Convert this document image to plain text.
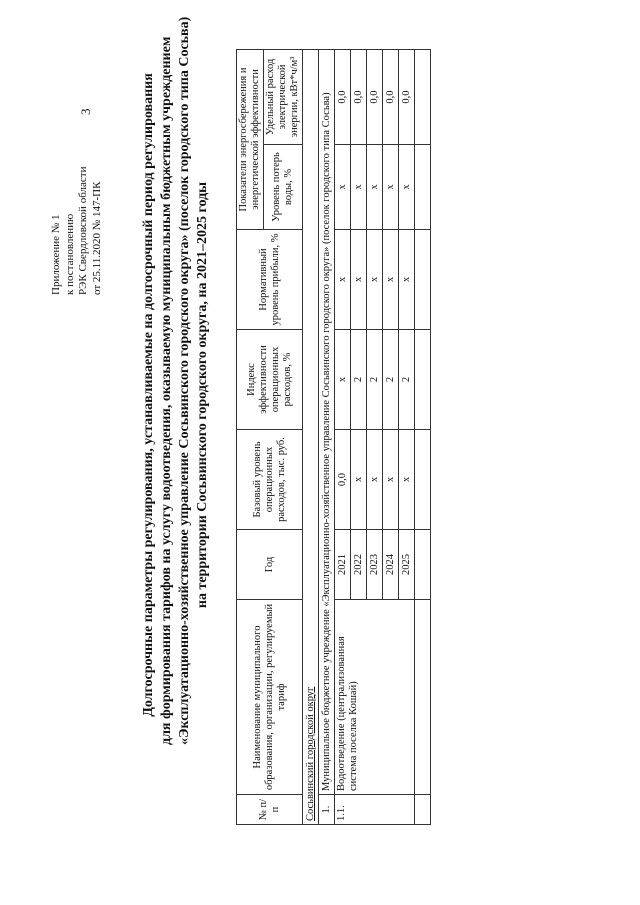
3
Приложение № 1 к постановлению РЭК Свердловской области от 25.11.2020 № 147-ПК	Долгосрочные параметры регулирования, устанавливаемые на долгосрочный период регулирования для формирования тарифов на услугу водоотведения, оказываемую муниципальным бюджетным учреждением «Эксплуатационно-хозяйственное управление Сосьвинского городского округа» (поселок городского типа Сосьва) на территории Сосьвинского городского округа, на 2021–2025 годы
№ п/п	Наименование муниципального образования, организации, регулируемый тариф	Год	Базовый уровень операционных расходов, тыс. руб.	Индекс эффективности операционных расходов, %	Нормативный уровень прибыли, %	Показатели энергосбережения и энергетической эффективности	
						Уровень потерь воды, %	Удельный расход электрической энергии, кВт*ч/м³
Сосьвинский городской округ							
1.	Муниципальное бюджетное учреждение «Эксплуатационно-хозяйственное управление Сосьвинского городского округа» (поселок городского типа Сосьва)						
1.1.	Водоотведение (централизованная система поселка Кошай)	2021	0,0	х	х	х	0,0
		2022	х	2	х	х	0,0
		2023	х	2	х	х	0,0
		2024	х	2	х	х	0,0
		2025	х	2	х	х	0,0
